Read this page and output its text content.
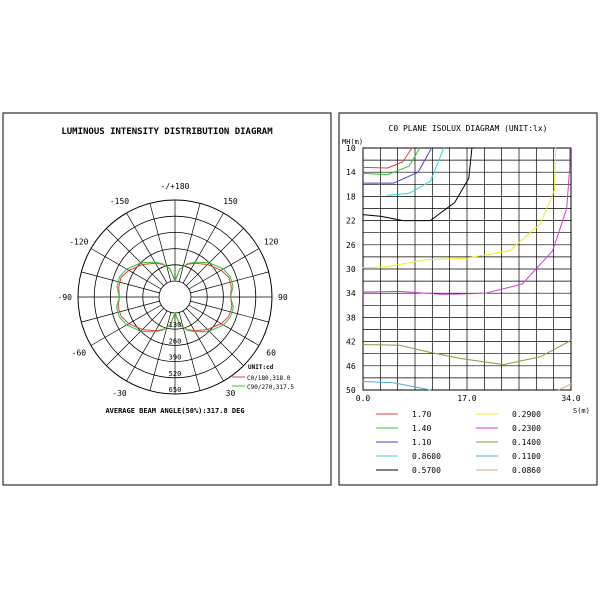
LUMINOUS INTENSITY DISTRIBUTION DIAGRAM
-/+180
150
-150
120
-120
90
-90
60
-60
30
-30
130
260
390
520
650
UNIT:cd
C0/180,318.0
C90/270,317.5
AVERAGE BEAM ANGLE(50%):317.8 DEG
C0 PLANE ISOLUX DIAGRAM (UNIT:lx)
MH(m)
10
14
18
22
26
30
34
38
42
46
50
0.0	17.0	34.0
S(m)
1.70
1.40
1.10
0.8600
0.5700
0.2900
0.2300
0.1400
0.1100
0.0860
